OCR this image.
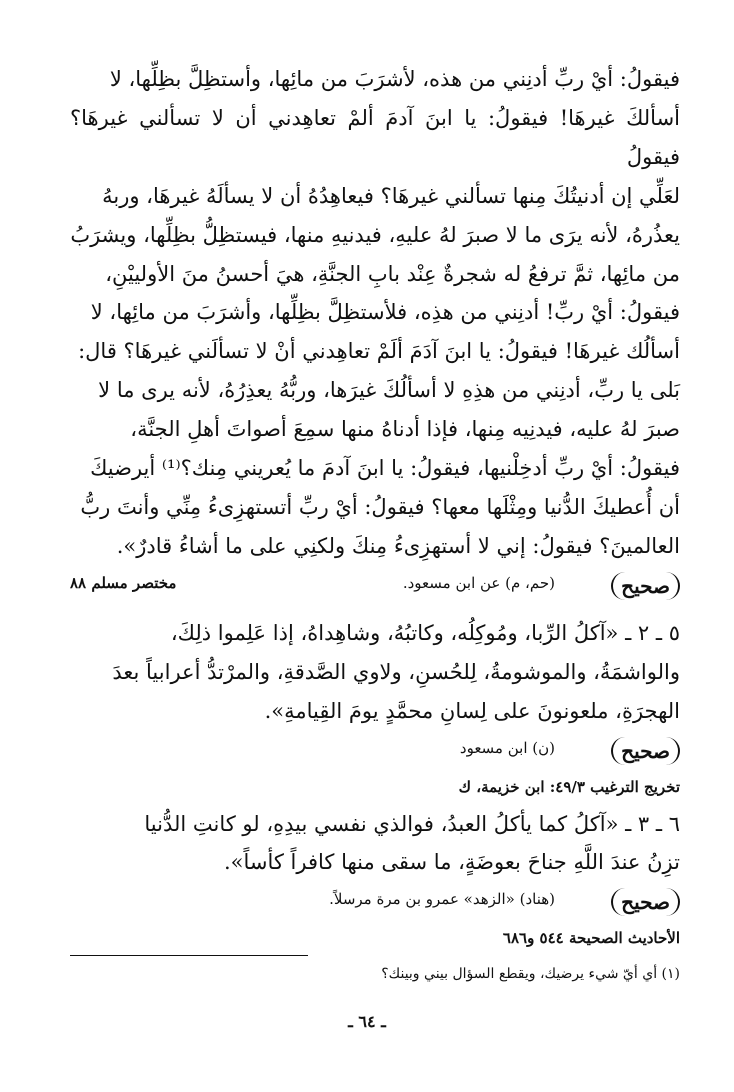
فيقولُ: أيْ ربِّ أدنِني من هذه، لأشرَبَ من مائِها، وأستظِلَّ بظِلِّها، لا

أسألكَ غيرهَا! فيقولُ: يا ابنَ آدمَ ألمْ تعاهِدني أن لا تسألني غيرهَا؟ فيقولُ

لعَلِّي إن أدنيتُكَ مِنها تسألني غيرهَا؟ فيعاهِدُهُ أن لا يسألَهُ غيرهَا، وربهُ

يعذُرهُ، لأنه يرَى ما لا صبرَ لهُ عليهِ، فيدنيهِ منها، فيستظِلُّ بظِلِّها، ويشرَبُ

من مائِها، ثمَّ ترفعُ له شجرةٌ عِنْد بابِ الجنَّةِ، هيَ أحسنُ منَ الأولييْنِ،

فيقولُ: أيْ ربِّ! أدنِني من هذِه، فلأستظِلَّ بظِلِّها، وأشرَبَ من مائِها، لا

أسألُك غيرهَا! فيقولُ: يا ابنَ آدَمَ ألَمْ تعاهِدني أنْ لا تسألَني غيرهَا؟ قال:

بَلى يا ربِّ، أدنِني من هذِهِ لا أسألُكَ غيرَها، وربُّهُ يعذِرُهُ، لأنه يرى ما لا

صبرَ لهُ عليه، فيدنِيه مِنها، فإذا أدناهُ منها سمِعَ أصواتَ أهلِ الجنَّة،

فيقولُ: أيْ ربِّ أدخِلْنيها، فيقولُ: يا ابنَ آدمَ ما يُعريني مِنك؟⁽¹⁾ أيرضيكَ

أن أُعطيكَ الدُّنيا ومِثْلَها معها؟ فيقولُ: أيْ ربِّ أتستهزِىءُ مِنِّي وأنتَ ربُّ

العالمينَ؟ فيقولُ: إني لا أستهزِىءُ مِنكَ ولكنِي على ما أشاءُ قادرٌ».

صحيح
(حم، م) عن ابن مسعود.
مختصر مسلم ٨٨

٥ ـ ٢ ـ «آكلُ الرِّبا، ومُوكِلُه، وكاتبُهُ، وشاهِداهُ، إذا عَلِموا ذلِكَ،

والواشمَةُ، والموشومةُ، لِلحُسنِ، ولاوي الصَّدقةِ، والمرْتدُّ أعرابياً بعدَ

الهجرَةِ، ملعونونَ على لِسانِ محمَّدٍ يومَ القِيامةِ».

صحيح
(ن) ابن مسعود
تخريج الترغيب ٤٩/٣: ابن خزيمة، ك

٦ ـ ٣ ـ «آكلُ كما يأكلُ العبدُ، فوالذي نفسي بيدِهِ، لو كانتِ الدُّنيا

تزِنُ عندَ اللَّهِ جناحَ بعوضَةٍ، ما سقى منها كافراً كأساً».

صحيح
(هناد) «الزهد» عمرو بن مرة مرسلاً.
الأحاديث الصحيحة ٥٤٤ و٦٨٦
(١) أي أيّ شيء يرضيك، ويقطع السؤال بيني وبينك؟
ـ ٦٤ ـ
